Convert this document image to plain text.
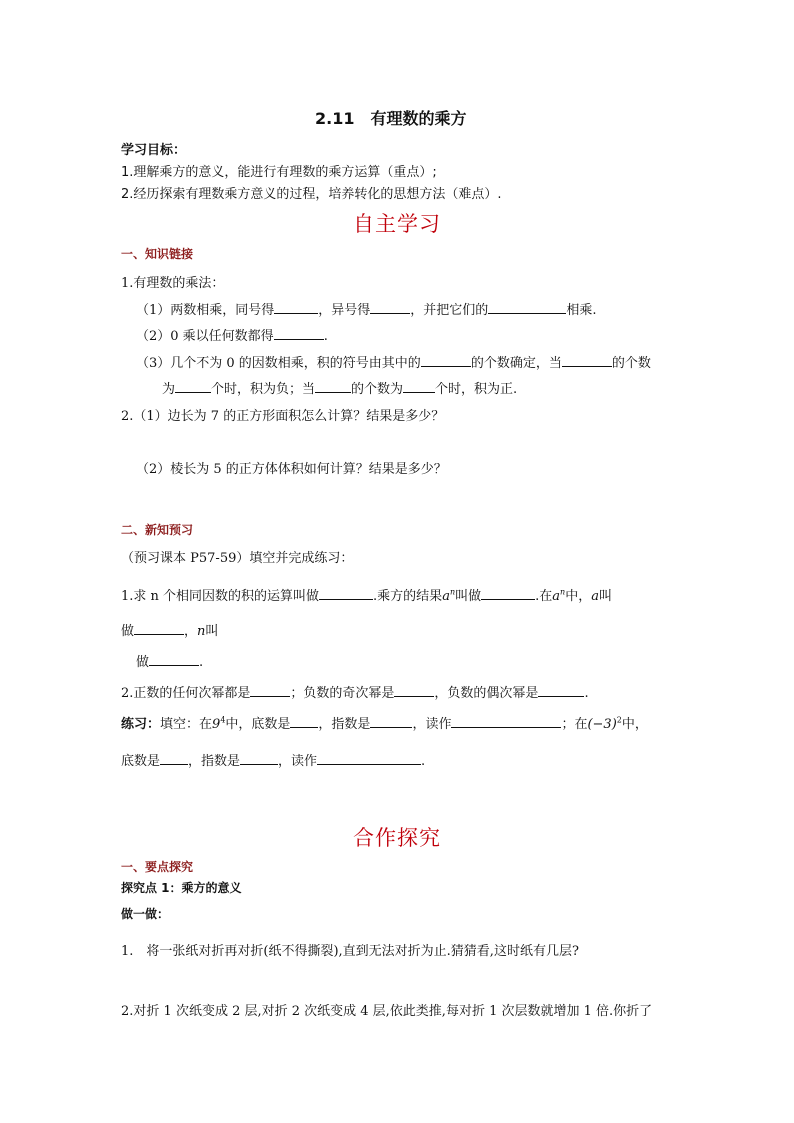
2.11　有理数的乘方
学习目标：
1.理解乘方的意义，能进行有理数的乘方运算（重点）;
2.经历探索有理数乘方意义的过程，培养转化的思想方法（难点）.
自主学习
一、知识链接
1.有理数的乘法：
（1）两数相乘，同号得	，异号得	，并把它们的	相乘.
（2）0 乘以任何数都得	.
（3）几个不为 0 的因数相乘，积的符号由其中的	的个数确定，当	的个数
为	个时，积为负；当	的个数为 个时，积为正.
2.（1）边长为 7 的正方形面积怎么计算？结果是多少？
（2）棱长为 5 的正方体体积如何计算？结果是多少？
二、新知预习
（预习课本 P57-59）填空并完成练习：
1.求 n 个相同因数的积的运算叫做	.乘方的结果$a^n$叫做	.在$a^n$中，a叫
做	，n叫
做	.
2.正数的任何次幂都是	；负数的奇次幂是	，负数的偶次幂是	.
练习：填空：在$9^4$中，底数是 ，指数是	，读作	；在$(-3)^2$中，
底数是 ，指数是	，读作	.
合作探究
一、要点探究
探究点 1：乘方的意义
做一做：
1.　将一张纸对折再对折(纸不得撕裂),直到无法对折为止.猜猜看,这时纸有几层?
2.对折 1 次纸变成 2 层,对折 2 次纸变成 4 层,依此类推,每对折 1 次层数就增加 1 倍.你折了
